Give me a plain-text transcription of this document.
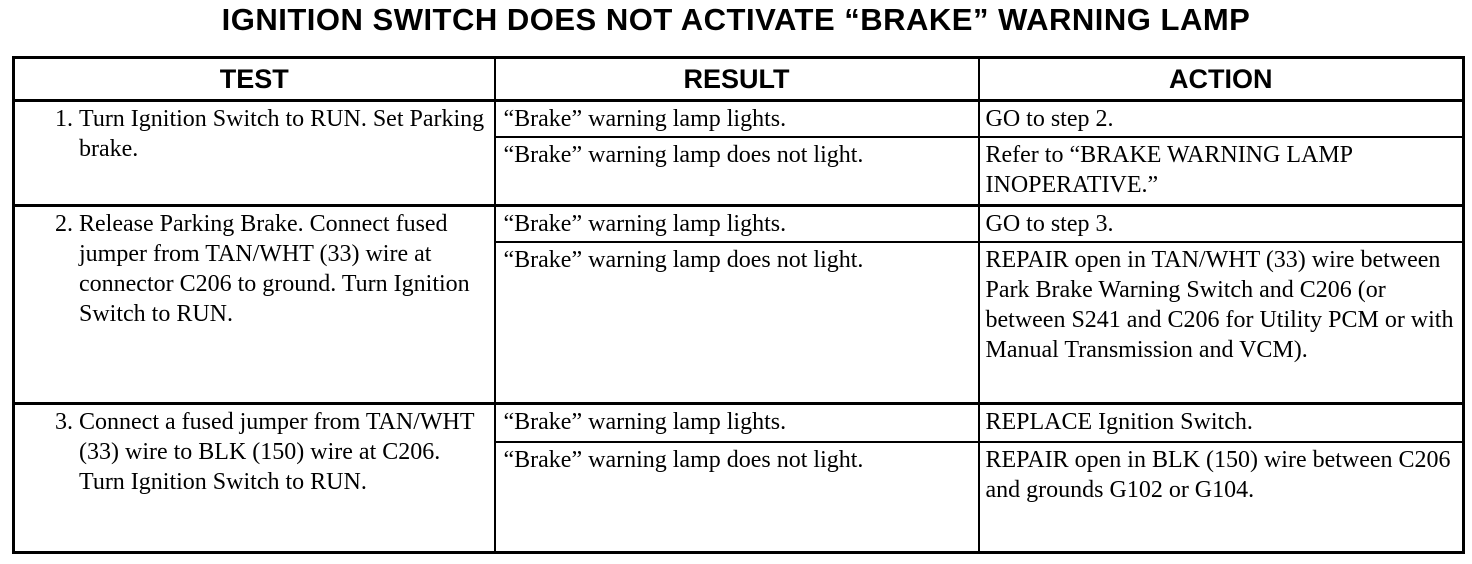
IGNITION SWITCH DOES NOT ACTIVATE “BRAKE” WARNING LAMP
TEST	RESULT	ACTION

1. Turn Ignition Switch to RUN. Set Parking brake.	“Brake” warning lamp lights.	GO to step 2.
	“Brake” warning lamp does not light.	Refer to “BRAKE WARNING LAMP INOPERATIVE.”

2. Release Parking Brake. Connect fused jumper from TAN/WHT (33) wire at connector C206 to ground. Turn Ignition Switch to RUN.	“Brake” warning lamp lights.	GO to step 3.
	“Brake” warning lamp does not light.	REPAIR open in TAN/WHT (33) wire between Park Brake Warning Switch and C206 (or between S241 and C206 for Utility PCM or with Manual Transmission and VCM).

3. Connect a fused jumper from TAN/WHT (33) wire to BLK (150) wire at C206. Turn Ignition Switch to RUN.	“Brake” warning lamp lights.	REPLACE Ignition Switch.
	“Brake” warning lamp does not light.	REPAIR open in BLK (150) wire between C206 and grounds G102 or G104.
